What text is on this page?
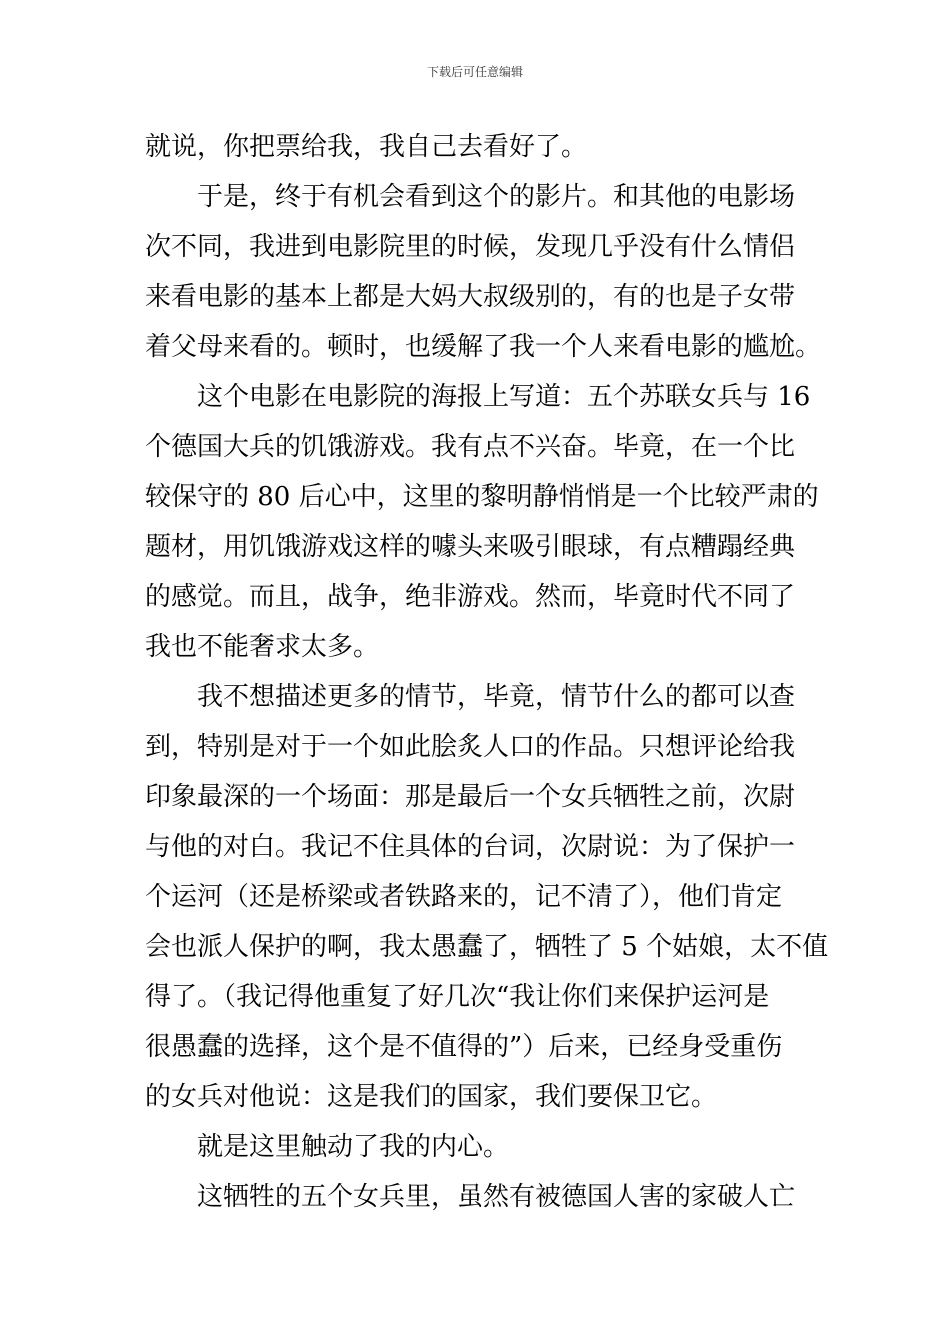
下载后可任意编辑
就说，你把票给我，我自己去看好了。
于是，终于有机会看到这个的影片。和其他的电影场
次不同，我进到电影院里的时候，发现几乎没有什么情侣
来看电影的基本上都是大妈大叔级别的，有的也是子女带
着父母来看的。顿时，也缓解了我一个人来看电影的尴尬。
这个电影在电影院的海报上写道：五个苏联女兵与 16
个德国大兵的饥饿游戏。我有点不兴奋。毕竟，在一个比
较保守的 80 后心中，这里的黎明静悄悄是一个比较严肃的
题材，用饥饿游戏这样的噱头来吸引眼球，有点糟蹋经典
的感觉。而且，战争，绝非游戏。然而，毕竟时代不同了
我也不能奢求太多。
我不想描述更多的情节，毕竟，情节什么的都可以查
到，特别是对于一个如此脍炙人口的作品。只想评论给我
印象最深的一个场面：那是最后一个女兵牺牲之前，次尉
与他的对白。我记不住具体的台词，次尉说：为了保护一
个运河（还是桥梁或者铁路来的，记不清了），他们肯定
会也派人保护的啊，我太愚蠢了，牺牲了 5 个姑娘，太不值
得了。（我记得他重复了好几次“我让你们来保护运河是
很愚蠢的选择，这个是不值得的”）后来，已经身受重伤
的女兵对他说：这是我们的国家，我们要保卫它。
就是这里触动了我的内心。
这牺牲的五个女兵里，虽然有被德国人害的家破人亡
